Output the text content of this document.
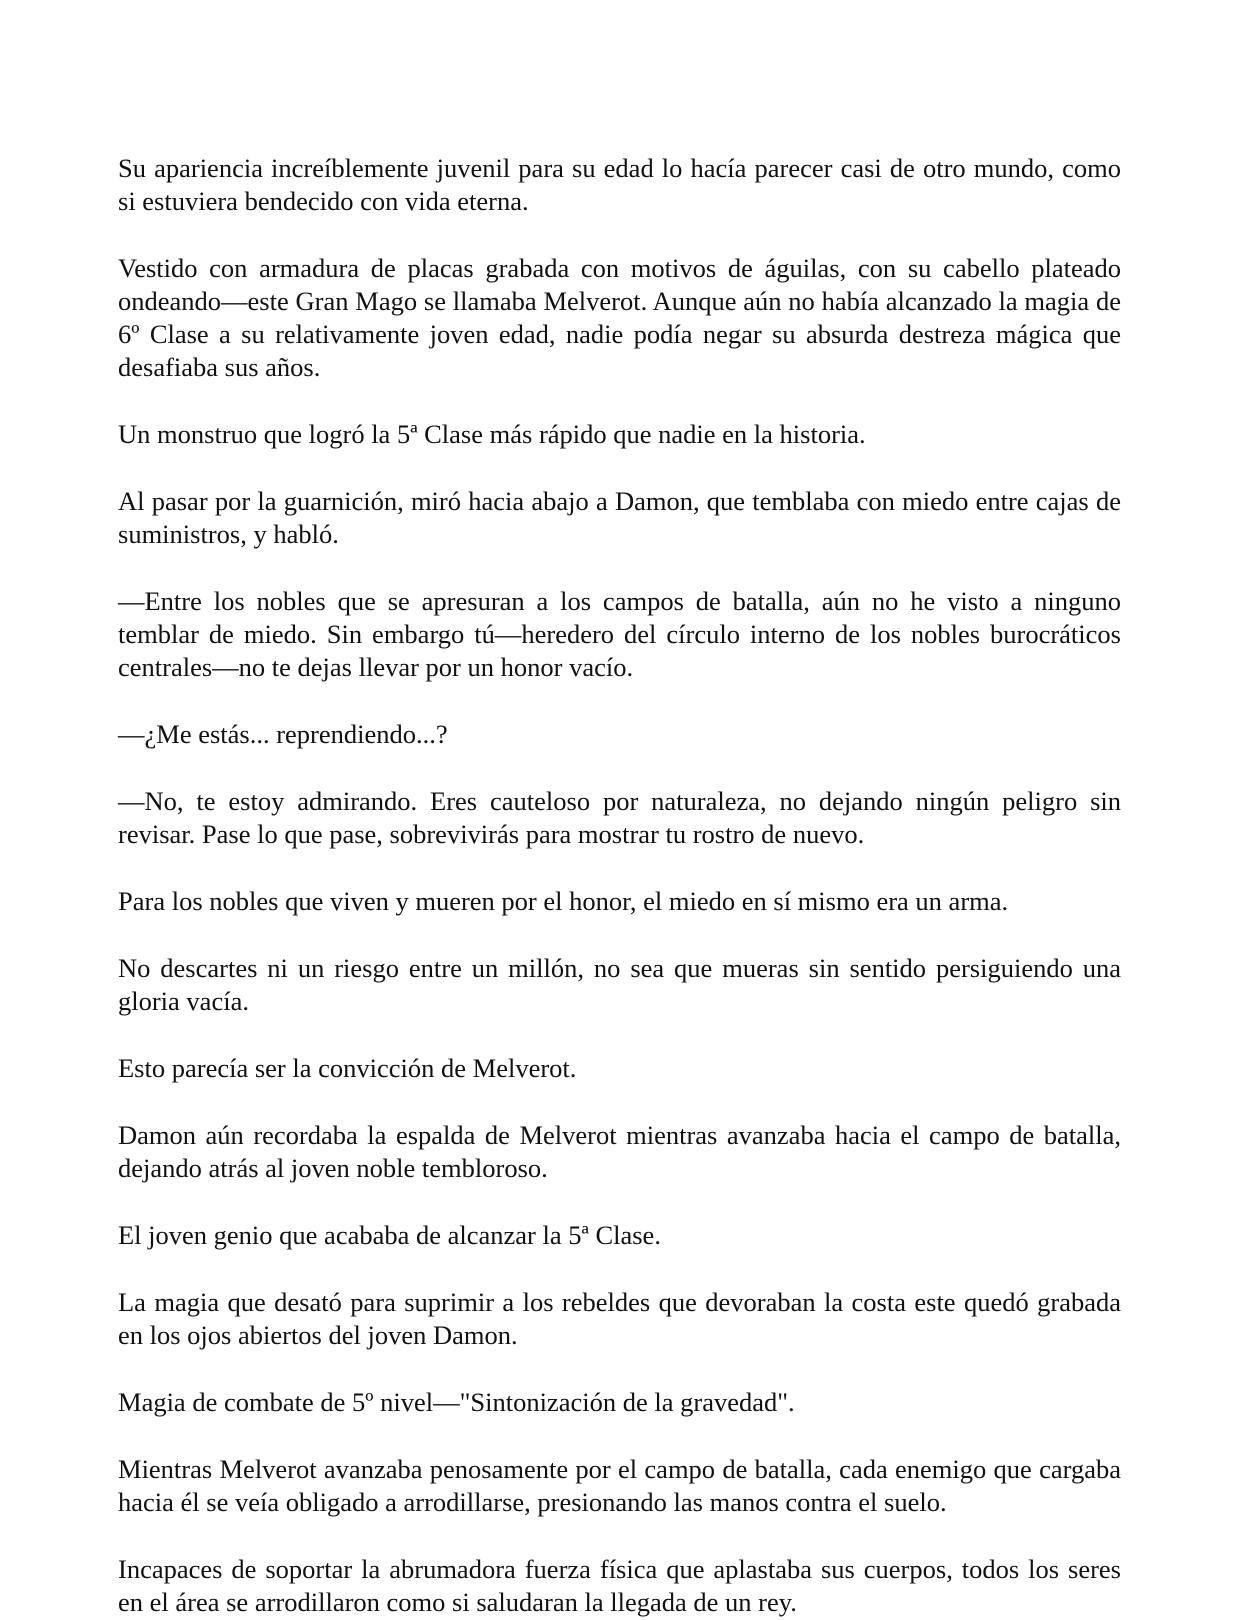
Su apariencia increíblemente juvenil para su edad lo hacía parecer casi de otro mundo, como si estuviera bendecido con vida eterna.

Vestido con armadura de placas grabada con motivos de águilas, con su cabello plateado ondeando—este Gran Mago se llamaba Melverot. Aunque aún no había alcanzado la magia de 6º Clase a su relativamente joven edad, nadie podía negar su absurda destreza mágica que desafiaba sus años.

Un monstruo que logró la 5ª Clase más rápido que nadie en la historia.

Al pasar por la guarnición, miró hacia abajo a Damon, que temblaba con miedo entre cajas de suministros, y habló.

—Entre los nobles que se apresuran a los campos de batalla, aún no he visto a ninguno temblar de miedo. Sin embargo tú—heredero del círculo interno de los nobles burocráticos centrales—no te dejas llevar por un honor vacío.

—¿Me estás... reprendiendo...?

—No, te estoy admirando. Eres cauteloso por naturaleza, no dejando ningún peligro sin revisar. Pase lo que pase, sobrevivirás para mostrar tu rostro de nuevo.

Para los nobles que viven y mueren por el honor, el miedo en sí mismo era un arma.

No descartes ni un riesgo entre un millón, no sea que mueras sin sentido persiguiendo una gloria vacía.

Esto parecía ser la convicción de Melverot.

Damon aún recordaba la espalda de Melverot mientras avanzaba hacia el campo de batalla, dejando atrás al joven noble tembloroso.

El joven genio que acababa de alcanzar la 5ª Clase.

La magia que desató para suprimir a los rebeldes que devoraban la costa este quedó grabada en los ojos abiertos del joven Damon.

Magia de combate de 5º nivel—"Sintonización de la gravedad".

Mientras Melverot avanzaba penosamente por el campo de batalla, cada enemigo que cargaba hacia él se veía obligado a arrodillarse, presionando las manos contra el suelo.

Incapaces de soportar la abrumadora fuerza física que aplastaba sus cuerpos, todos los seres en el área se arrodillaron como si saludaran la llegada de un rey.
